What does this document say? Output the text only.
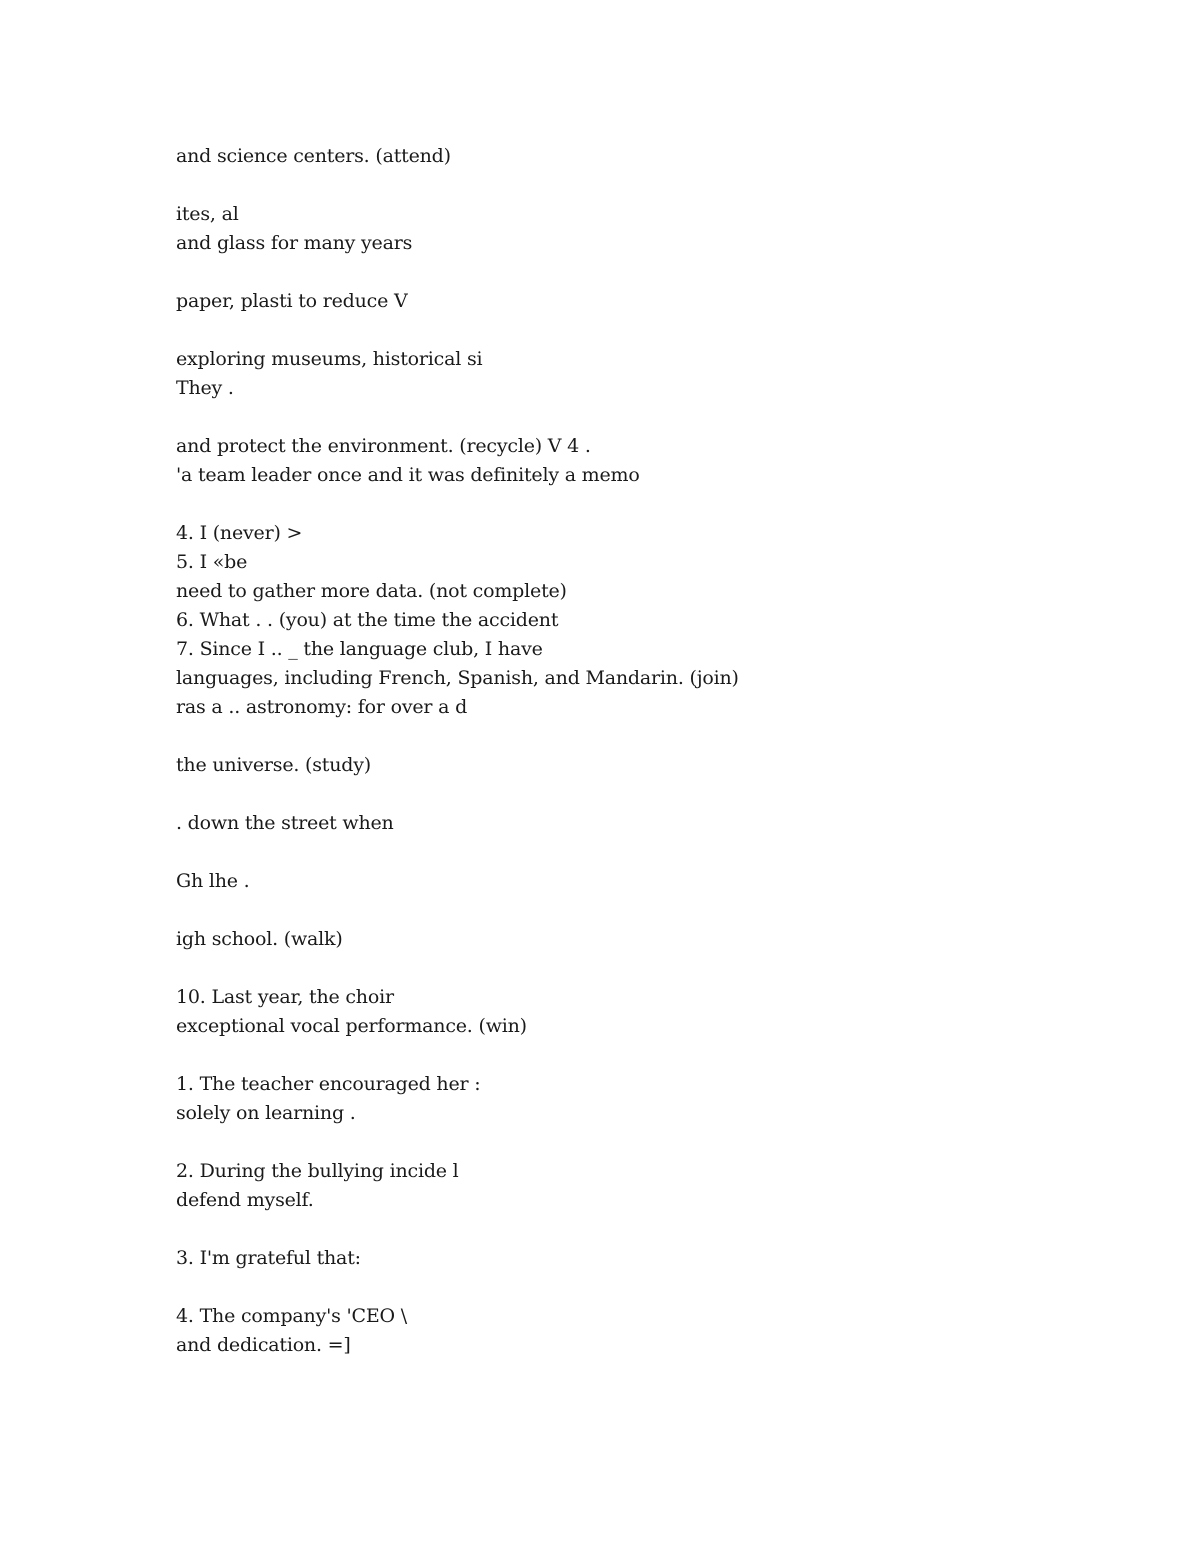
and science centers. (attend)
ites, al
and glass for many years
paper, plasti to reduce V
exploring museums, historical si
They .
and protect the environment. (recycle) V 4 .
'a team leader once and it was definitely a memo
4. I (never) >
5. I «be
need to gather more data. (not complete)
6. What . . (you) at the time the accident
7. Since I .. _ the language club, I have
languages, including French, Spanish, and Mandarin. (join)
ras a .. astronomy: for over a d
the universe. (study)
. down the street when
Gh lhe .
igh school. (walk)
10. Last year, the choir
exceptional vocal performance. (win)
1. The teacher encouraged her :
solely on learning .
2. During the bullying incide l
defend myself.
3. I'm grateful that:
4. The company's 'CEO \
and dedication. =]
